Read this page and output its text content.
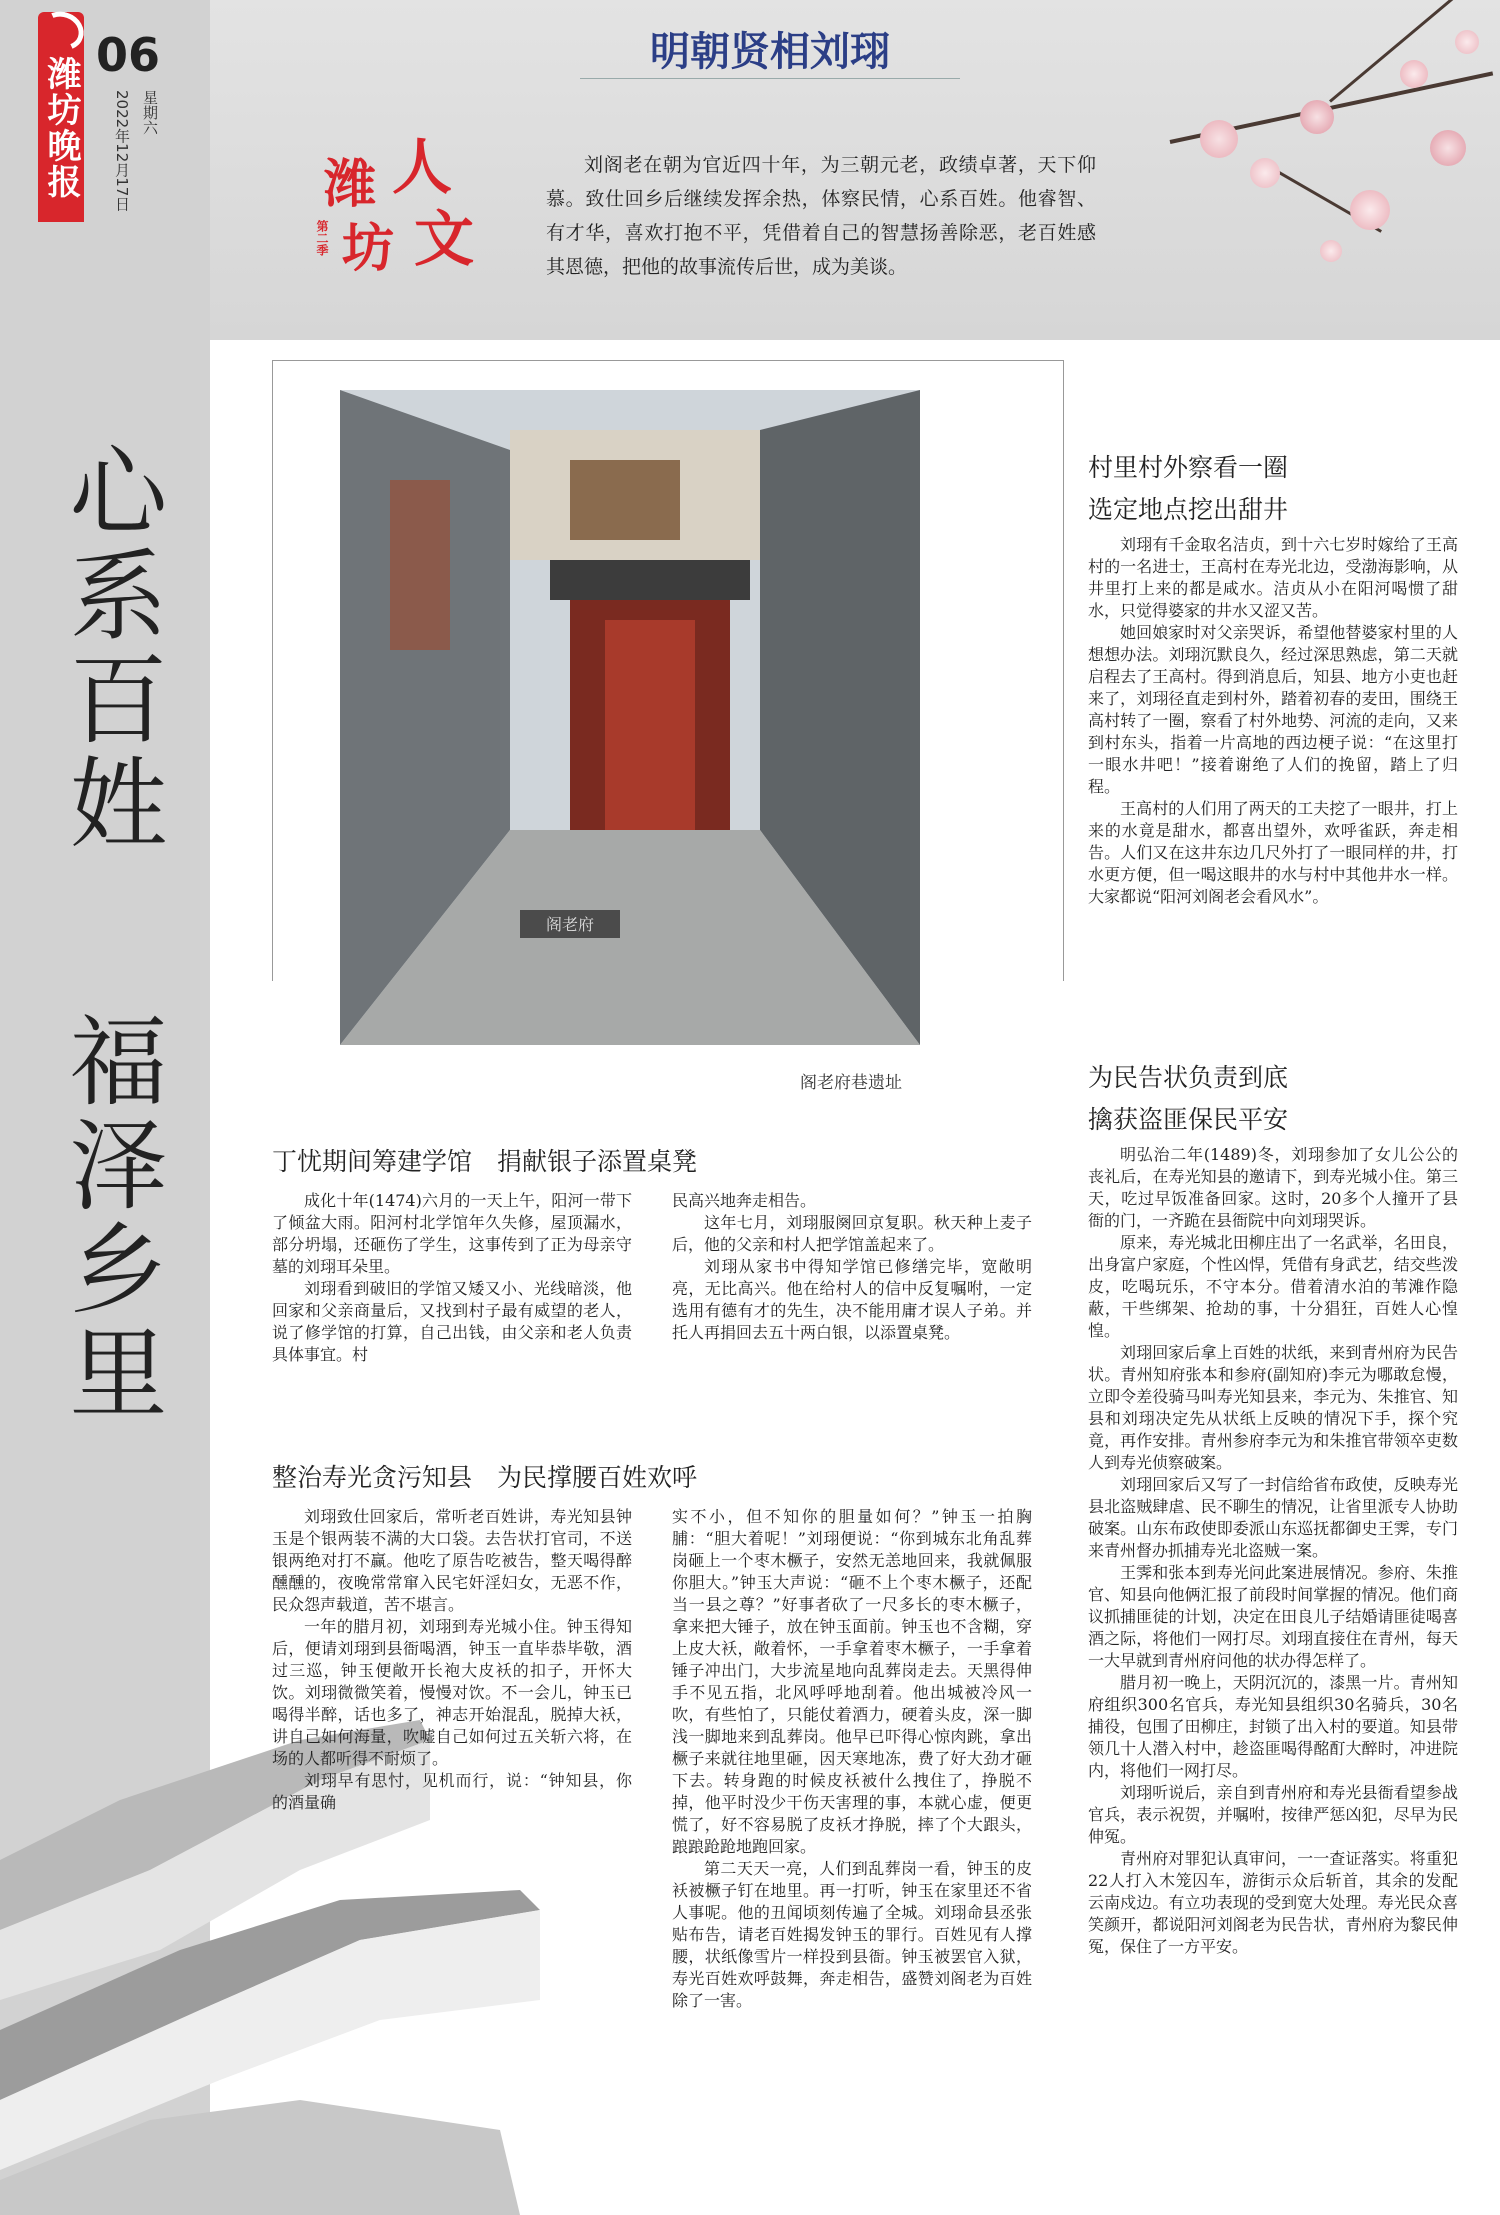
潍坊晚报
06
星期六
2022年12月17日
明朝贤相刘珝
潍 人
坊 文
第二季
刘阁老在朝为官近四十年，为三朝元老，政绩卓著，天下仰慕。致仕回乡后继续发挥余热，体察民情，心系百姓。他睿智、有才华，喜欢打抱不平，凭借着自己的智慧扬善除恶，老百姓感其恩德，把他的故事流传后世，成为美谈。
心系百姓
福泽乡里
阁老府
阁老府巷遗址
丁忧期间筹建学馆　捐献银子添置桌凳

成化十年(1474)六月的一天上午，阳河一带下了倾盆大雨。阳河村北学馆年久失修，屋顶漏水，部分坍塌，还砸伤了学生，这事传到了正为母亲守墓的刘珝耳朵里。

刘珝看到破旧的学馆又矮又小、光线暗淡，他回家和父亲商量后，又找到村子最有威望的老人，说了修学馆的打算，自己出钱，由父亲和老人负责具体事宜。村

民高兴地奔走相告。

这年七月，刘珝服阕回京复职。秋天种上麦子后，他的父亲和村人把学馆盖起来了。

刘珝从家书中得知学馆已修缮完毕，宽敞明亮，无比高兴。他在给村人的信中反复嘱咐，一定选用有德有才的先生，决不能用庸才误人子弟。并托人再捐回去五十两白银，以添置桌凳。

整治寿光贪污知县　为民撑腰百姓欢呼

刘珝致仕回家后，常听老百姓讲，寿光知县钟玉是个银两装不满的大口袋。去告状打官司，不送银两绝对打不赢。他吃了原告吃被告，整天喝得醉醺醺的，夜晚常常窜入民宅奸淫妇女，无恶不作，民众怨声载道，苦不堪言。

一年的腊月初，刘珝到寿光城小住。钟玉得知后，便请刘珝到县衙喝酒，钟玉一直毕恭毕敬，酒过三巡，钟玉便敞开长袍大皮袄的扣子，开怀大饮。刘珝微微笑着，慢慢对饮。不一会儿，钟玉已喝得半醉，话也多了，神志开始混乱，脱掉大袄，讲自己如何海量，吹嘘自己如何过五关斩六将，在场的人都听得不耐烦了。

刘珝早有思忖，见机而行，说：“钟知县，你的酒量确

实不小，但不知你的胆量如何？”钟玉一拍胸脯：“胆大着呢！”刘珝便说：“你到城东北角乱葬岗砸上一个枣木橛子，安然无恙地回来，我就佩服你胆大。”钟玉大声说：“砸不上个枣木橛子，还配当一县之尊？”好事者砍了一尺多长的枣木橛子，拿来把大锤子，放在钟玉面前。钟玉也不含糊，穿上皮大袄，敞着怀，一手拿着枣木橛子，一手拿着锤子冲出门，大步流星地向乱葬岗走去。天黑得伸手不见五指，北风呼呼地刮着。他出城被冷风一吹，有些怕了，只能仗着酒力，硬着头皮，深一脚浅一脚地来到乱葬岗。他早已吓得心惊肉跳，拿出橛子来就往地里砸，因天寒地冻，费了好大劲才砸下去。转身跑的时候皮袄被什么拽住了，挣脱不掉，他平时没少干伤天害理的事，本就心虚，便更慌了，好不容易脱了皮袄才挣脱，摔了个大跟头，踉踉跄跄地跑回家。

第二天天一亮，人们到乱葬岗一看，钟玉的皮袄被橛子钉在地里。再一打听，钟玉在家里还不省人事呢。他的丑闻顷刻传遍了全城。刘珝命县丞张贴布告，请老百姓揭发钟玉的罪行。百姓见有人撑腰，状纸像雪片一样投到县衙。钟玉被罢官入狱，寿光百姓欢呼鼓舞，奔走相告，盛赞刘阁老为百姓除了一害。

村里村外察看一圈
选定地点挖出甜井

刘珝有千金取名洁贞，到十六七岁时嫁给了王高村的一名进士，王高村在寿光北边，受渤海影响，从井里打上来的都是咸水。洁贞从小在阳河喝惯了甜水，只觉得婆家的井水又涩又苦。

她回娘家时对父亲哭诉，希望他替婆家村里的人想想办法。刘珝沉默良久，经过深思熟虑，第二天就启程去了王高村。得到消息后，知县、地方小吏也赶来了，刘珝径直走到村外，踏着初春的麦田，围绕王高村转了一圈，察看了村外地势、河流的走向，又来到村东头，指着一片高地的西边梗子说：“在这里打一眼水井吧！”接着谢绝了人们的挽留，踏上了归程。

王高村的人们用了两天的工夫挖了一眼井，打上来的水竟是甜水，都喜出望外，欢呼雀跃，奔走相告。人们又在这井东边几尺外打了一眼同样的井，打水更方便，但一喝这眼井的水与村中其他井水一样。大家都说“阳河刘阁老会看风水”。

为民告状负责到底
擒获盗匪保民平安

明弘治二年(1489)冬，刘珝参加了女儿公公的丧礼后，在寿光知县的邀请下，到寿光城小住。第三天，吃过早饭准备回家。这时，20多个人撞开了县衙的门，一齐跪在县衙院中向刘珝哭诉。

原来，寿光城北田柳庄出了一名武举，名田良，出身富户家庭，个性凶悍，凭借有身武艺，结交些泼皮，吃喝玩乐，不守本分。借着清水泊的苇滩作隐蔽，干些绑架、抢劫的事，十分猖狂，百姓人心惶惶。

刘珝回家后拿上百姓的状纸，来到青州府为民告状。青州知府张本和参府(副知府)李元为哪敢怠慢，立即令差役骑马叫寿光知县来，李元为、朱推官、知县和刘珝决定先从状纸上反映的情况下手，探个究竟，再作安排。青州参府李元为和朱推官带领卒吏数人到寿光侦察破案。

刘珝回家后又写了一封信给省布政使，反映寿光县北盗贼肆虐、民不聊生的情况，让省里派专人协助破案。山东布政使即委派山东巡抚都御史王霁，专门来青州督办抓捕寿光北盗贼一案。

王霁和张本到寿光问此案进展情况。参府、朱推官、知县向他俩汇报了前段时间掌握的情况。他们商议抓捕匪徒的计划，决定在田良儿子结婚请匪徒喝喜酒之际，将他们一网打尽。刘珝直接住在青州，每天一大早就到青州府问他的状办得怎样了。

腊月初一晚上，天阴沉沉的，漆黑一片。青州知府组织300名官兵，寿光知县组织30名骑兵，30名捕役，包围了田柳庄，封锁了出入村的要道。知县带领几十人潜入村中，趁盗匪喝得酩酊大醉时，冲进院内，将他们一网打尽。

刘珝听说后，亲自到青州府和寿光县衙看望参战官兵，表示祝贺，并嘱咐，按律严惩凶犯，尽早为民伸冤。

青州府对罪犯认真审问，一一查证落实。将重犯22人打入木笼囚车，游街示众后斩首，其余的发配云南戍边。有立功表现的受到宽大处理。寿光民众喜笑颜开，都说阳河刘阁老为民告状，青州府为黎民伸冤，保住了一方平安。
